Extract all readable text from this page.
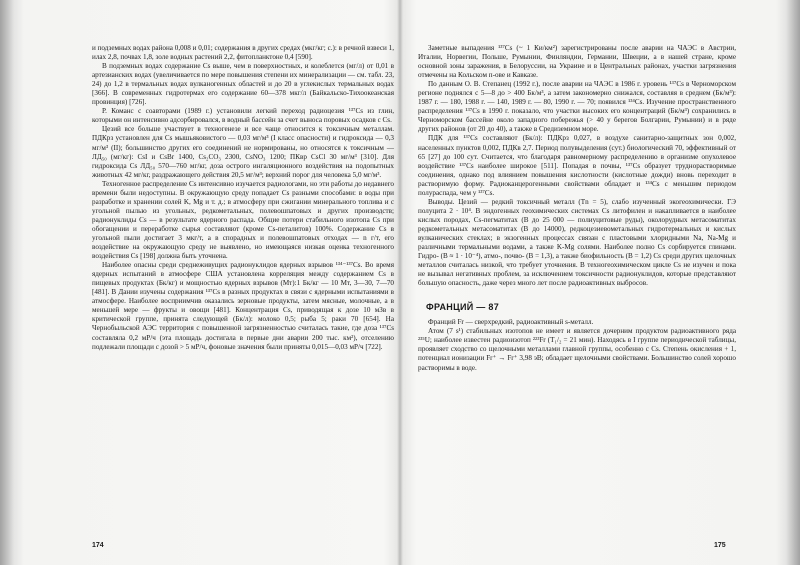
и подземных водах района 0,008 и 0,01; содержания в других средах (мкг/кг; с.): в речной взвеси 1, илах 2,8, почвах 1,8, золе водных растений 2,2, фитопланктоне 0,4 [590].

В подземных водах содержание Cs выше, чем в поверхностных, и колеблется (мг/л) от 0,01 в артезианских водах (увеличивается по мере повышения степени их минерализации — см. табл. 23, 24) до 1,2 в термальных водах вулканогенных областей и до 20 в углекислых термальных водах [366]. В современных гидротермах его содержание 60—378 мкг/л (Байкальско-Тихоокеанская провинция) [726].

Р. Команс с соавторами (1989 г.) установили легкий переход радиоцезия ¹³⁷Cs из глин, которыми он интенсивно адсорбировался, в водный бассейн за счет выноса поровых осадков с Cs.

Цезий все больше участвует в техногенезе и все чаще относится к токсичным металлам. ПДКрз установлен для Cs мышьяковистого — 0,03 мг/м³ (I класс опасности) и гидроксида — 0,3 мг/м³ (II); большинство других его соединений не нормированы, но относятся к токсичным — ЛД₅₀ (мг/кг): CsI и CsBr 1400, Cs₂CO₃ 2300, CsNO₃ 1200; ПКвр CsCl 30 мг/м³ [310]. Для гидроксида Cs ЛД₅₀ 570—760 мг/кг, доза острого ингаляционного воздействия на подопытных животных 42 мг/кг, раздражающего действия 20,5 мг/м³; верхний порог для человека 5,0 мг/м³.

Техногенное распределение Cs интенсивно изучается радиологами, но эти работы до недавнего времени были недоступны. В окружающую среду попадает Cs разными способами: в воды при разработке и хранении солей K, Mg и т. д.; в атмосферу при сжигании минерального топлива и с угольной пылью из угольных, редкометальных, полевошпатовых и других производств; радионуклиды Cs — в результате ядерного распада. Общие потери стабильного изотопа Cs при обогащении и переработке сырья составляют (кроме Cs-петалитов) 100%. Содержание Cs в угольной пыли достигает 3 мкг/т, а в спорадных и полевошпатовых отходах — n г/т, его воздействие на окружающую среду не выявлено, но имеющаяся низкая оценка техногенного воздействия Cs [198] должна быть уточнена.

Наиболее опасны среди среднеживущих радионуклидов ядерных взрывов ¹³⁴⁻¹³⁷Cs. Во время ядерных испытаний в атмосфере США установлена корреляция между содержанием Cs в пищевых продуктах (Бк/кг) и мощностью ядерных взрывов (Мт):1 Бк/кг — 10 Мт, 3—30, 7—70 [481]. В Дании изучены содержания ¹³⁷Cs в разных продуктах в связи с ядерными испытаниями в атмосфере. Наиболее восприимчив оказались зерновые продукты, затем мясные, молочные, а в меньшей мере — фрукты и овощи [481]. Концентрация Cs, приводящая к дозе 10 мЗв в критической группе, принята следующей (Бк/л): молоко 0,5; рыба 5; раки 70 [654]. На Чернобыльской АЭС территория с повышенной загрязненностью считалась такие, где доза ¹³⁷Cs составляла 0,2 мР/ч (эта площадь достигала в первые дни аварии 200 тыс. км²), отселению подлежали площади с дозой > 5 мР/ч, фоновые значения были приняты 0,015—0,03 мР/ч [722].

Заметные выпадения ¹³⁷Cs (~ 1 Ки/км²) зарегистрированы после аварии на ЧАЭС в Австрии, Италии, Норвегии, Польше, Румынии, Финляндии, Германии, Швеции, а в нашей стране, кроме основной зоны заражения, в Белоруссии, на Украине и в Центральных районах, участки загрязнения отмечены на Кольском п-ове и Кавказе.

По данным О. В. Степанец (1992 г.), после аварии на ЧАЭС в 1986 г. уровень ¹³⁷Cs в Черноморском регионе поднялся с 5—8 до > 400 Бк/м³, а затем закономерно снижался, составляя в среднем (Бк/м³): 1987 г. — 180, 1988 г. — 140, 1989 г. — 80, 1990 г. — 70; появился ¹³⁴Cs. Изучение пространственного распределения ¹³⁷Cs в 1990 г. показало, что участки высоких его концентраций (Бк/м³) сохранились в Черноморском бассейне около западного побережья (> 40 у берегов Болгарии, Румынии) и в ряде других районов (от 20 до 40), а также в Средиземном море.

ПДК для ¹³⁷Cs составляют (Бк/л): ПДКрз 0,027, в воздухе санитарно-защитных зон 0,002, населенных пунктов 0,002, ПДКв 2,7. Период полувыделения (сут.) биологический 70, эффективный от 65 [27] до 100 сут. Считается, что благодаря равномерному распределению в организме опухолевое воздействие ¹³⁷Cs наиболее широкое [511]. Попадая в почвы, ¹³⁷Cs образует труднорастворимые соединения, однако под влиянием повышения кислотности (кислотные дожди) вновь переходит в растворимую форму. Радиоканцерогенными свойствами обладает и ¹³⁴Cs с меньшим периодом полураспада, чем у ¹³⁷Cs.

Выводы. Цезий — редкий токсичный металл (Tn = 5), слабо изученный экогеохимически. ГЭ полуцита 2 · 10⁴. В эндогенных геохимических системах Cs литофилен и накапливается в наиболее кислых породах, Cs-пегматитах (В до 25 000 — полиуцитовые руды), околорудных метасоматитах редкометальных метасоматитах (В до 14000), редкоцезиевометальных гидротермальных и кислых вулканических стеклах; в экзогенных процессах связан с пластовыми хлоридными Na, Na-Mg и различными термальными водами, а также K-Mg солями. Наиболее полно Cs сорбируется глинами. Гидро- (В ≈ 1 · 10⁻⁴), атмо-, почво- (В = 1,3), а также биофильность (В = 1,2) Cs среди других щелочных металлов считалась низкой, что требует уточнения. В техногеохимическом цикле Cs не изучен и пока не вызывал негативных проблем, за исключением токсичности радионуклидов, которые представляют большую опасность, даже через много лет после радиоактивных выбросов.

ФРАНЦИЙ — 87

Франций Fr — сверхредкий, радиоактивный s-металл.

Атом (7 s¹) стабильных изотопов не имеет и является дочерним продуктом радиоактивного ряда ²³⁵U; наиболее известен радиоизотоп ²²³Fr (T₁/₂ = 21 мин). Находясь в I группе периодической таблицы, проявляет сходство со щелочными металлами главной группы, особенно с Cs. Степень окисления + 1, потенциал ионизации Fr⁺ → Fr⁺ 3,98 эВ; обладает щелочными свойствами. Большинство солей хорошо растворимы в воде.

174	175
